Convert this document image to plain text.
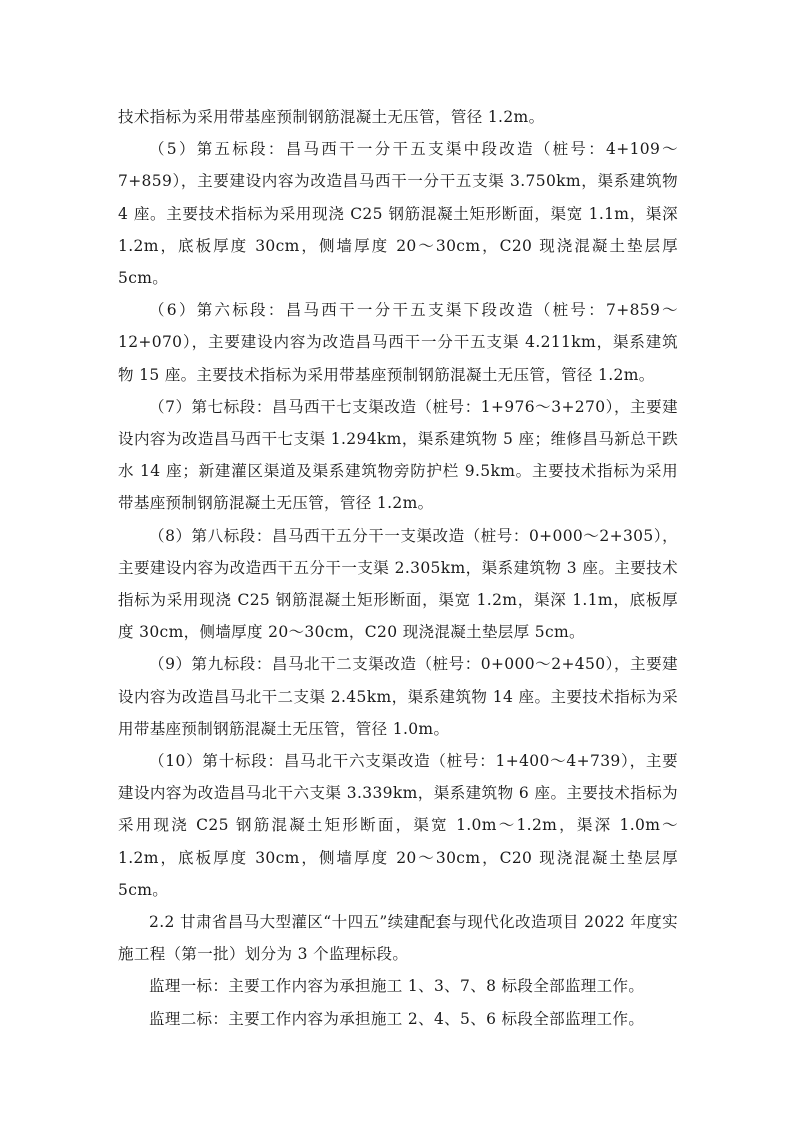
技术指标为采用带基座预制钢筋混凝土无压管，管径 1.2m。

（5）第五标段：昌马西干一分干五支渠中段改造（桩号：4+109～7+859），主要建设内容为改造昌马西干一分干五支渠 3.750km，渠系建筑物 4 座。主要技术指标为采用现浇 C25 钢筋混凝土矩形断面，渠宽 1.1m，渠深 1.2m，底板厚度 30cm，侧墙厚度 20～30cm，C20 现浇混凝土垫层厚 5cm。

（6）第六标段：昌马西干一分干五支渠下段改造（桩号：7+859～12+070），主要建设内容为改造昌马西干一分干五支渠 4.211km，渠系建筑物 15 座。主要技术指标为采用带基座预制钢筋混凝土无压管，管径 1.2m。

（7）第七标段：昌马西干七支渠改造（桩号：1+976～3+270），主要建设内容为改造昌马西干七支渠 1.294km，渠系建筑物 5 座；维修昌马新总干跌水 14 座；新建灌区渠道及渠系建筑物旁防护栏 9.5km。主要技术指标为采用带基座预制钢筋混凝土无压管，管径 1.2m。

（8）第八标段：昌马西干五分干一支渠改造（桩号：0+000～2+305），主要建设内容为改造西干五分干一支渠 2.305km，渠系建筑物 3 座。主要技术指标为采用现浇 C25 钢筋混凝土矩形断面，渠宽 1.2m，渠深 1.1m，底板厚度 30cm，侧墙厚度 20～30cm，C20 现浇混凝土垫层厚 5cm。

（9）第九标段：昌马北干二支渠改造（桩号：0+000～2+450），主要建设内容为改造昌马北干二支渠 2.45km，渠系建筑物 14 座。主要技术指标为采用带基座预制钢筋混凝土无压管，管径 1.0m。

（10）第十标段：昌马北干六支渠改造（桩号：1+400～4+739），主要建设内容为改造昌马北干六支渠 3.339km，渠系建筑物 6 座。主要技术指标为采用现浇 C25 钢筋混凝土矩形断面，渠宽 1.0m～1.2m，渠深 1.0m～1.2m，底板厚度 30cm，侧墙厚度 20～30cm，C20 现浇混凝土垫层厚 5cm。

2.2 甘肃省昌马大型灌区“十四五”续建配套与现代化改造项目 2022 年度实施工程（第一批）划分为 3 个监理标段。

监理一标：主要工作内容为承担施工 1、3、7、8 标段全部监理工作。

监理二标：主要工作内容为承担施工 2、4、5、6 标段全部监理工作。
